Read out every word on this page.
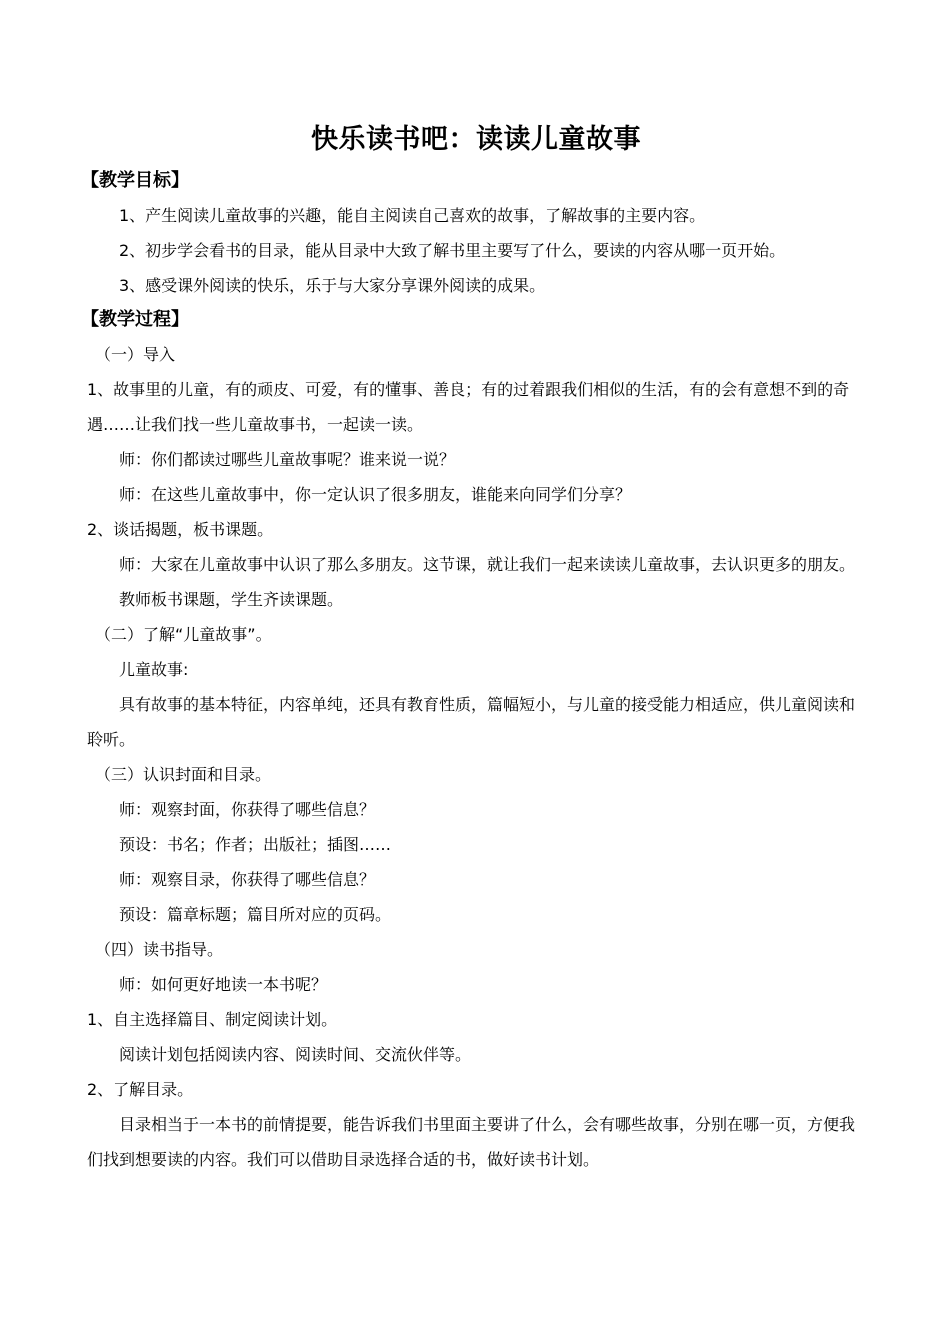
快乐读书吧：读读儿童故事
【教学目标】

1、产生阅读儿童故事的兴趣，能自主阅读自己喜欢的故事，了解故事的主要内容。

2、初步学会看书的目录，能从目录中大致了解书里主要写了什么，要读的内容从哪一页开始。

3、感受课外阅读的快乐，乐于与大家分享课外阅读的成果。

【教学过程】

（一）导入

1、故事里的儿童，有的顽皮、可爱，有的懂事、善良；有的过着跟我们相似的生活，有的会有意想不到的奇遇……让我们找一些儿童故事书，一起读一读。

师：你们都读过哪些儿童故事呢？谁来说一说？

师：在这些儿童故事中，你一定认识了很多朋友，谁能来向同学们分享？

2、谈话揭题，板书课题。

师：大家在儿童故事中认识了那么多朋友。这节课，就让我们一起来读读儿童故事，去认识更多的朋友。

教师板书课题，学生齐读课题。

（二）了解“儿童故事”。

儿童故事:

具有故事的基本特征，内容单纯，还具有教育性质，篇幅短小，与儿童的接受能力相适应，供儿童阅读和聆听。

（三）认识封面和目录。

师：观察封面，你获得了哪些信息？

预设：书名；作者；出版社；插图……

师：观察目录，你获得了哪些信息？

预设：篇章标题；篇目所对应的页码。

（四）读书指导。

师：如何更好地读一本书呢？

1、自主选择篇目、制定阅读计划。

阅读计划包括阅读内容、阅读时间、交流伙伴等。

2、了解目录。

目录相当于一本书的前情提要，能告诉我们书里面主要讲了什么，会有哪些故事，分别在哪一页，方便我们找到想要读的内容。我们可以借助目录选择合适的书，做好读书计划。
